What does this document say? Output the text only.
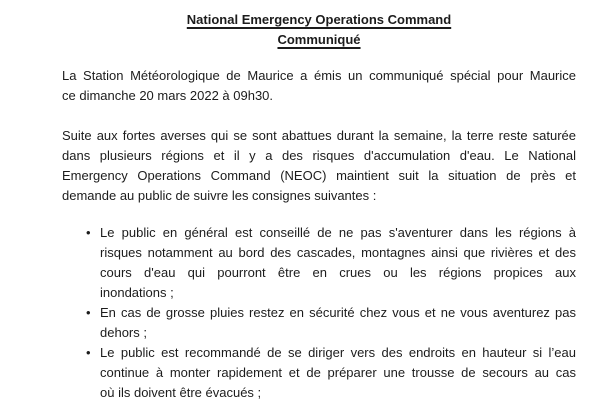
National Emergency Operations Command
Communiqué
La Station Météorologique de Maurice a émis un communiqué spécial pour Maurice
ce dimanche 20 mars 2022 à 09h30.
Suite aux fortes averses qui se sont abattues durant la semaine, la terre reste saturée
dans plusieurs régions et il y a des risques d'accumulation d'eau. Le National
Emergency Operations Command (NEOC) maintient suit la situation de près et
demande au public de suivre les consignes suivantes :
• Le public en général est conseillé de ne pas s'aventurer dans les régions à
risques notamment au bord des cascades, montagnes ainsi que rivières et des
cours d'eau qui pourront être en crues ou les régions propices aux
inondations ;
• En cas de grosse pluies restez en sécurité chez vous et ne vous aventurez pas
dehors ;
• Le public est recommandé de se diriger vers des endroits en hauteur si l’eau
continue à monter rapidement et de préparer une trousse de secours au cas
où ils doivent être évacués ;
